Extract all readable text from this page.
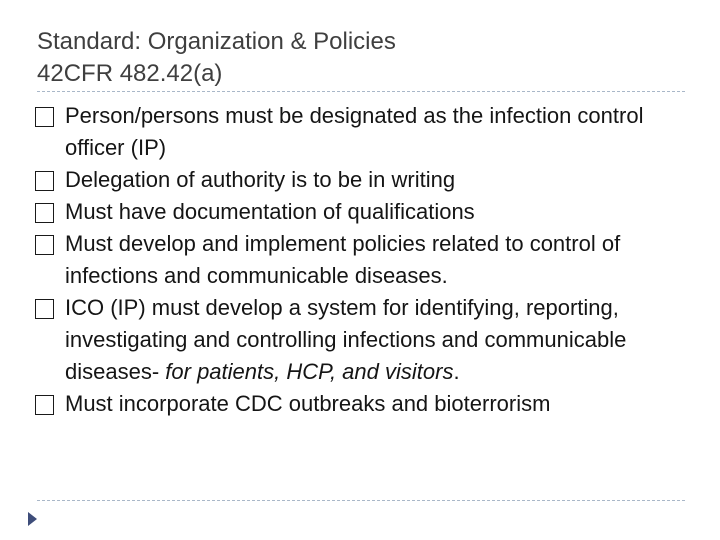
Standard: Organization & Policies
42CFR 482.42(a)
Person/persons must be designated as the infection control officer (IP)
Delegation of authority is to be in writing
Must have documentation of qualifications
Must develop and implement policies related to control of infections and communicable diseases.
ICO (IP) must develop a system for identifying, reporting, investigating and controlling infections and communicable diseases- for patients, HCP, and visitors.
Must incorporate CDC outbreaks and bioterrorism
